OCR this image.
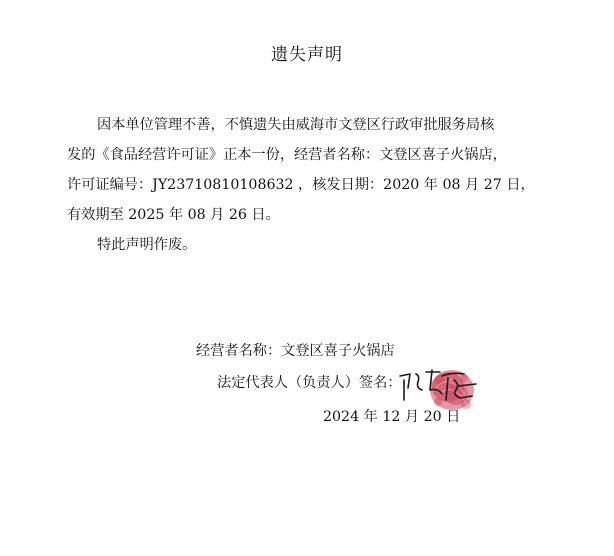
遗失声明

因本单位管理不善，不慎遗失由威海市文登区行政审批服务局核

发的《食品经营许可证》正本一份，经营者名称：文登区喜子火锅店，

许可证编号：JY23710810108632 ，核发日期：2020 年 08 月 27 日，

有效期至 2025 年 08 月 26 日。

特此声明作废。

经营者名称：文登区喜子火锅店
法定代表人（负责人）签名：
2024 年 12 月 20 日
